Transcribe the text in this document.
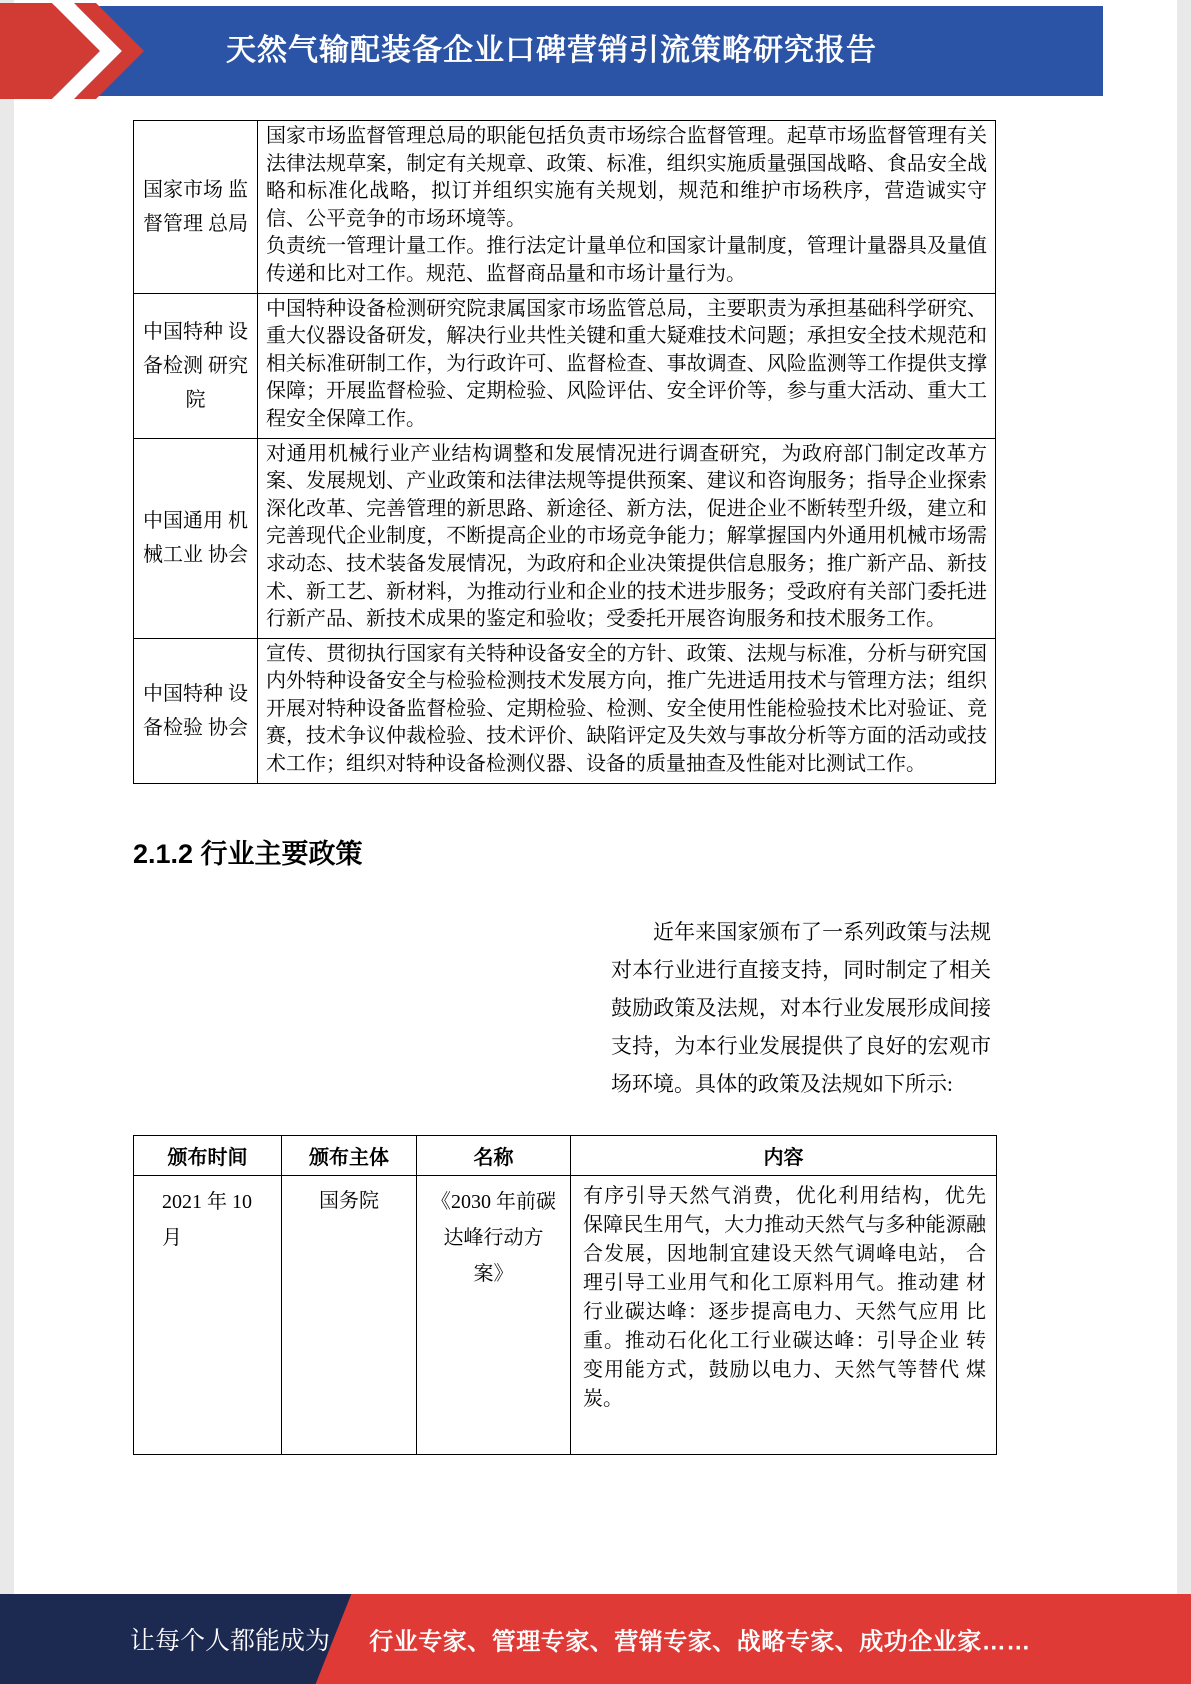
天然气输配装备企业口碑营销引流策略研究报告
国家市场 监督管理 总局	国家市场监督管理总局的职能包括负责市场综合监督管理。起草市场监督管理有关 法律法规草案，制定有关规章、政策、标准，组织实施质量强国战略、食品安全战 略和标准化战略，拟订并组织实施有关规划，规范和维护市场秩序，营造诚实守 信、公平竞争的市场环境等。

负责统一管理计量工作。推行法定计量单位和国家计量制度，管理计量器具及量值 传递和比对工作。规范、监督商品量和市场计量行为。

中国特种 设备检测 研究院	中国特种设备检测研究院隶属国家市场监管总局，主要职责为承担基础科学研究、 重大仪器设备研发，解决行业共性关键和重大疑难技术问题；承担安全技术规范和 相关标准研制工作，为行政许可、监督检查、事故调查、风险监测等工作提供支撑 保障；开展监督检验、定期检验、风险评估、安全评价等，参与重大活动、重大工 程安全保障工作。

中国通用 机械工业 协会	对通用机械行业产业结构调整和发展情况进行调查研究，为政府部门制定改革方 案、发展规划、产业政策和法律法规等提供预案、建议和咨询服务；指导企业探索 深化改革、完善管理的新思路、新途径、新方法，促进企业不断转型升级，建立和 完善现代企业制度，不断提高企业的市场竞争能力；解掌握国内外通用机械市场需 求动态、技术装备发展情况，为政府和企业决策提供信息服务；推广新产品、新技 术、新工艺、新材料，为推动行业和企业的技术进步服务；受政府有关部门委托进 行新产品、新技术成果的鉴定和验收；受委托开展咨询服务和技术服务工作。

中国特种 设备检验 协会	宣传、贯彻执行国家有关特种设备安全的方针、政策、法规与标准，分析与研究国 内外特种设备安全与检验检测技术发展方向，推广先进适用技术与管理方法；组织 开展对特种设备监督检验、定期检验、检测、安全使用性能检验技术比对验证、竞 赛，技术争议仲裁检验、技术评价、缺陷评定及失效与事故分析等方面的活动或技 术工作；组织对特种设备检测仪器、设备的质量抽查及性能对比测试工作。

2.1.2 行业主要政策

近年来国家颁布了一系列政策与法规对本行业进行直接支持，同时制定了相关鼓励政策及法规，对本行业发展形成间接支持，为本行业发展提供了良好的宏观市场环境。具体的政策及法规如下所示:

颁布时间	颁布主体	名称	内容
2021 年 10 月	国务院	《2030 年前碳达峰行动方案》	有序引导天然气消费，优化利用结构，优先 保障民生用气，大力推动天然气与多种能源融合发展，因地制宜建设天然气调峰电站， 合理引导工业用气和化工原料用气。推动建 材行业碳达峰：逐步提高电力、天然气应用 比重。推动石化化工行业碳达峰：引导企业 转变用能方式，鼓励以电力、天然气等替代 煤炭。
让每个人都能成为 行业专家、管理专家、营销专家、战略专家、成功企业家……
